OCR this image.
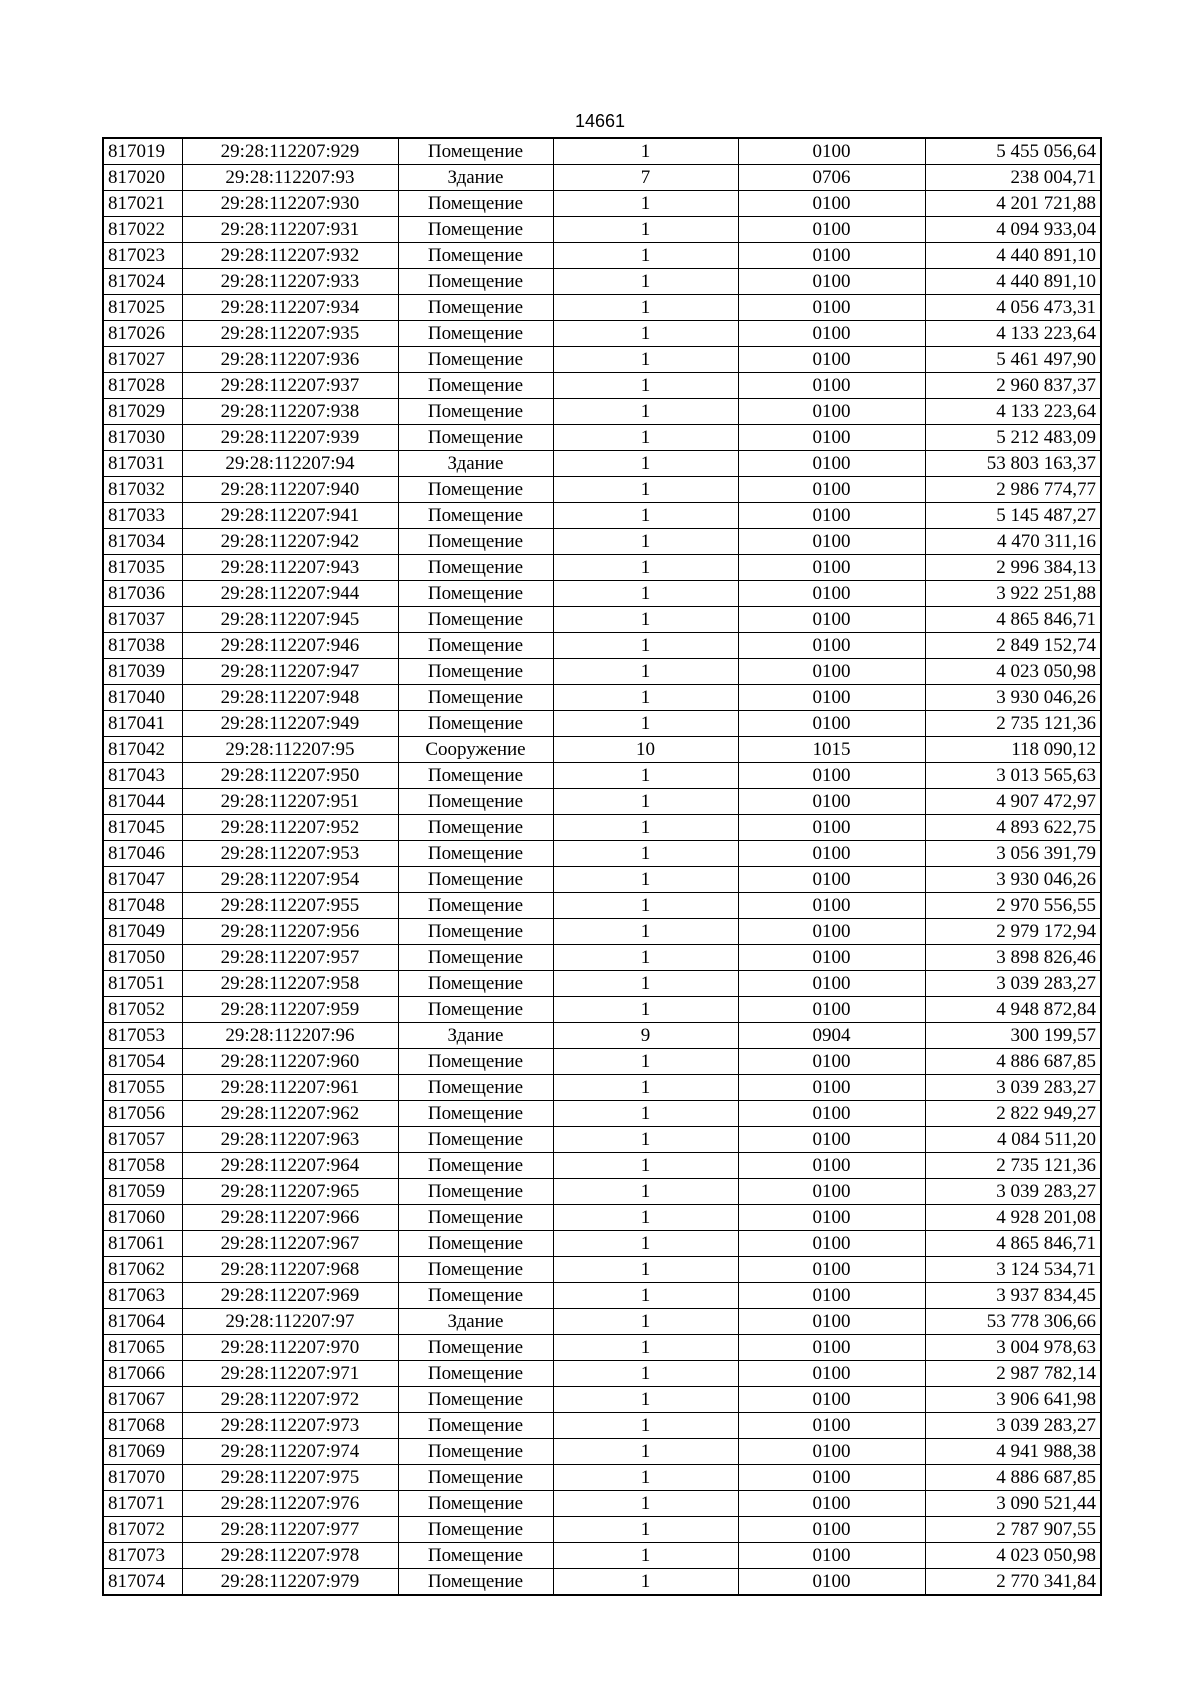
14661
817019	29:28:112207:929	Помещение	1	0100	5 455 056,64
817020	29:28:112207:93	Здание	7	0706	238 004,71
817021	29:28:112207:930	Помещение	1	0100	4 201 721,88
817022	29:28:112207:931	Помещение	1	0100	4 094 933,04
817023	29:28:112207:932	Помещение	1	0100	4 440 891,10
817024	29:28:112207:933	Помещение	1	0100	4 440 891,10
817025	29:28:112207:934	Помещение	1	0100	4 056 473,31
817026	29:28:112207:935	Помещение	1	0100	4 133 223,64
817027	29:28:112207:936	Помещение	1	0100	5 461 497,90
817028	29:28:112207:937	Помещение	1	0100	2 960 837,37
817029	29:28:112207:938	Помещение	1	0100	4 133 223,64
817030	29:28:112207:939	Помещение	1	0100	5 212 483,09
817031	29:28:112207:94	Здание	1	0100	53 803 163,37
817032	29:28:112207:940	Помещение	1	0100	2 986 774,77
817033	29:28:112207:941	Помещение	1	0100	5 145 487,27
817034	29:28:112207:942	Помещение	1	0100	4 470 311,16
817035	29:28:112207:943	Помещение	1	0100	2 996 384,13
817036	29:28:112207:944	Помещение	1	0100	3 922 251,88
817037	29:28:112207:945	Помещение	1	0100	4 865 846,71
817038	29:28:112207:946	Помещение	1	0100	2 849 152,74
817039	29:28:112207:947	Помещение	1	0100	4 023 050,98
817040	29:28:112207:948	Помещение	1	0100	3 930 046,26
817041	29:28:112207:949	Помещение	1	0100	2 735 121,36
817042	29:28:112207:95	Сооружение	10	1015	118 090,12
817043	29:28:112207:950	Помещение	1	0100	3 013 565,63
817044	29:28:112207:951	Помещение	1	0100	4 907 472,97
817045	29:28:112207:952	Помещение	1	0100	4 893 622,75
817046	29:28:112207:953	Помещение	1	0100	3 056 391,79
817047	29:28:112207:954	Помещение	1	0100	3 930 046,26
817048	29:28:112207:955	Помещение	1	0100	2 970 556,55
817049	29:28:112207:956	Помещение	1	0100	2 979 172,94
817050	29:28:112207:957	Помещение	1	0100	3 898 826,46
817051	29:28:112207:958	Помещение	1	0100	3 039 283,27
817052	29:28:112207:959	Помещение	1	0100	4 948 872,84
817053	29:28:112207:96	Здание	9	0904	300 199,57
817054	29:28:112207:960	Помещение	1	0100	4 886 687,85
817055	29:28:112207:961	Помещение	1	0100	3 039 283,27
817056	29:28:112207:962	Помещение	1	0100	2 822 949,27
817057	29:28:112207:963	Помещение	1	0100	4 084 511,20
817058	29:28:112207:964	Помещение	1	0100	2 735 121,36
817059	29:28:112207:965	Помещение	1	0100	3 039 283,27
817060	29:28:112207:966	Помещение	1	0100	4 928 201,08
817061	29:28:112207:967	Помещение	1	0100	4 865 846,71
817062	29:28:112207:968	Помещение	1	0100	3 124 534,71
817063	29:28:112207:969	Помещение	1	0100	3 937 834,45
817064	29:28:112207:97	Здание	1	0100	53 778 306,66
817065	29:28:112207:970	Помещение	1	0100	3 004 978,63
817066	29:28:112207:971	Помещение	1	0100	2 987 782,14
817067	29:28:112207:972	Помещение	1	0100	3 906 641,98
817068	29:28:112207:973	Помещение	1	0100	3 039 283,27
817069	29:28:112207:974	Помещение	1	0100	4 941 988,38
817070	29:28:112207:975	Помещение	1	0100	4 886 687,85
817071	29:28:112207:976	Помещение	1	0100	3 090 521,44
817072	29:28:112207:977	Помещение	1	0100	2 787 907,55
817073	29:28:112207:978	Помещение	1	0100	4 023 050,98
817074	29:28:112207:979	Помещение	1	0100	2 770 341,84
